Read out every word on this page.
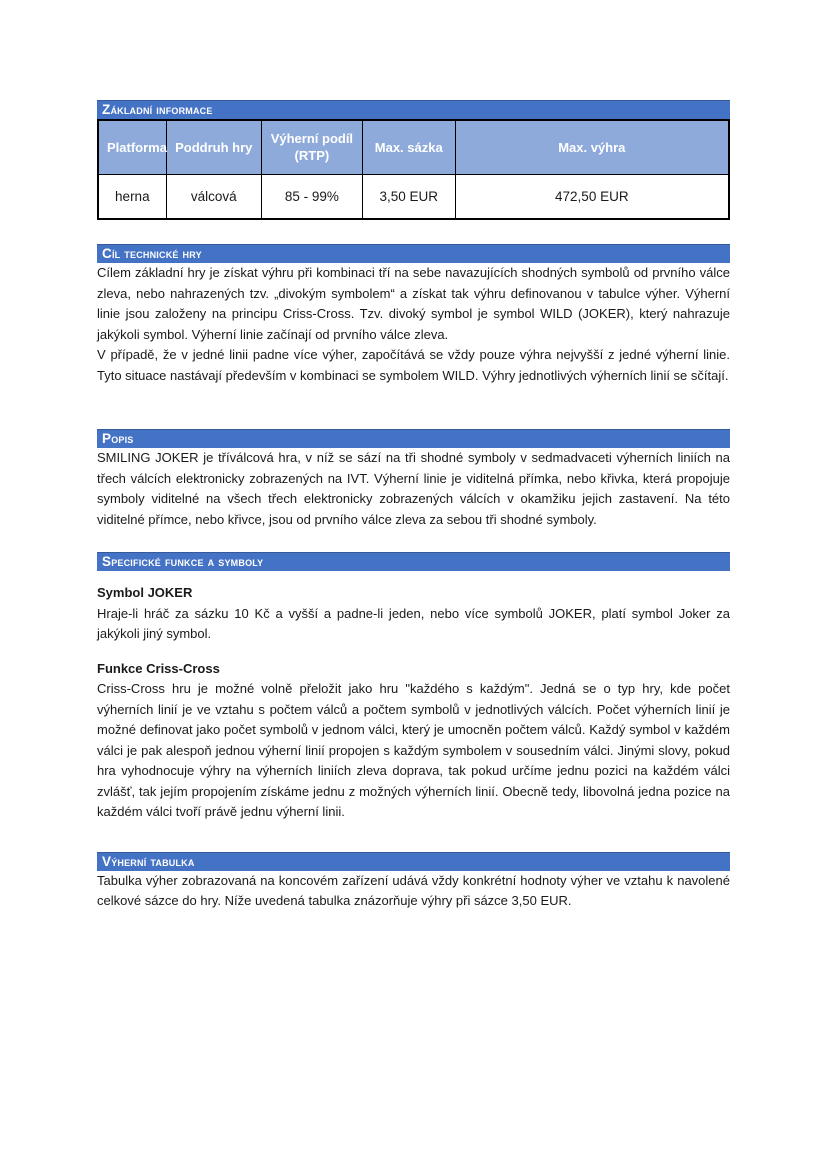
Základní informace
Platforma	Poddruh hry	Výherní podíl (RTP)	Max. sázka	Max. výhra
herna	válcová	85 - 99%	3,50 EUR	472,50 EUR
Cíl technické hry

Cílem základní hry je získat výhru při kombinaci tří na sebe navazujících shodných symbolů od prvního válce zleva, nebo nahrazených tzv. „divokým symbolem“ a získat tak výhru definovanou v tabulce výher. Výherní linie jsou založeny na principu Criss-Cross. Tzv. divoký symbol je symbol WILD (JOKER), který nahrazuje jakýkoli symbol. Výherní linie začínají od prvního válce zleva.

V případě, že v jedné linii padne více výher, započítává se vždy pouze výhra nejvyšší z jedné výherní linie. Tyto situace nastávají především v kombinaci se symbolem WILD. Výhry jednotlivých výherních linií se sčítají.

Popis

SMILING JOKER je tříválcová hra, v níž se sází na tři shodné symboly v sedmadvaceti výherních liniích na třech válcích elektronicky zobrazených na IVT. Výherní linie je viditelná přímka, nebo křivka, která propojuje symboly viditelné na všech třech elektronicky zobrazených válcích v okamžiku jejich zastavení. Na této viditelné přímce, nebo křivce, jsou od prvního válce zleva za sebou tři shodné symboly.

Specifické funkce a symboly
Symbol JOKER

Hraje-li hráč za sázku 10 Kč a vyšší a padne-li jeden, nebo více symbolů JOKER, platí symbol Joker za jakýkoli jiný symbol.

Funkce Criss-Cross

Criss-Cross hru je možné volně přeložit jako hru "každého s každým". Jedná se o typ hry, kde počet výherních linií je ve vztahu s počtem válců a počtem symbolů v jednotlivých válcích. Počet výherních linií je možné definovat jako počet symbolů v jednom válci, který je umocněn počtem válců. Každý symbol v každém válci je pak alespoň jednou výherní linií propojen s každým symbolem v sousedním válci. Jinými slovy, pokud hra vyhodnocuje výhry na výherních liniích zleva doprava, tak pokud určíme jednu pozici na každém válci zvlášť, tak jejím propojením získáme jednu z možných výherních linií. Obecně tedy, libovolná jedna pozice na každém válci tvoří právě jednu výherní linii.

Výherní tabulka

Tabulka výher zobrazovaná na koncovém zařízení udává vždy konkrétní hodnoty výher ve vztahu k navolené celkové sázce do hry. Níže uvedená tabulka znázorňuje výhry při sázce 3,50 EUR.
